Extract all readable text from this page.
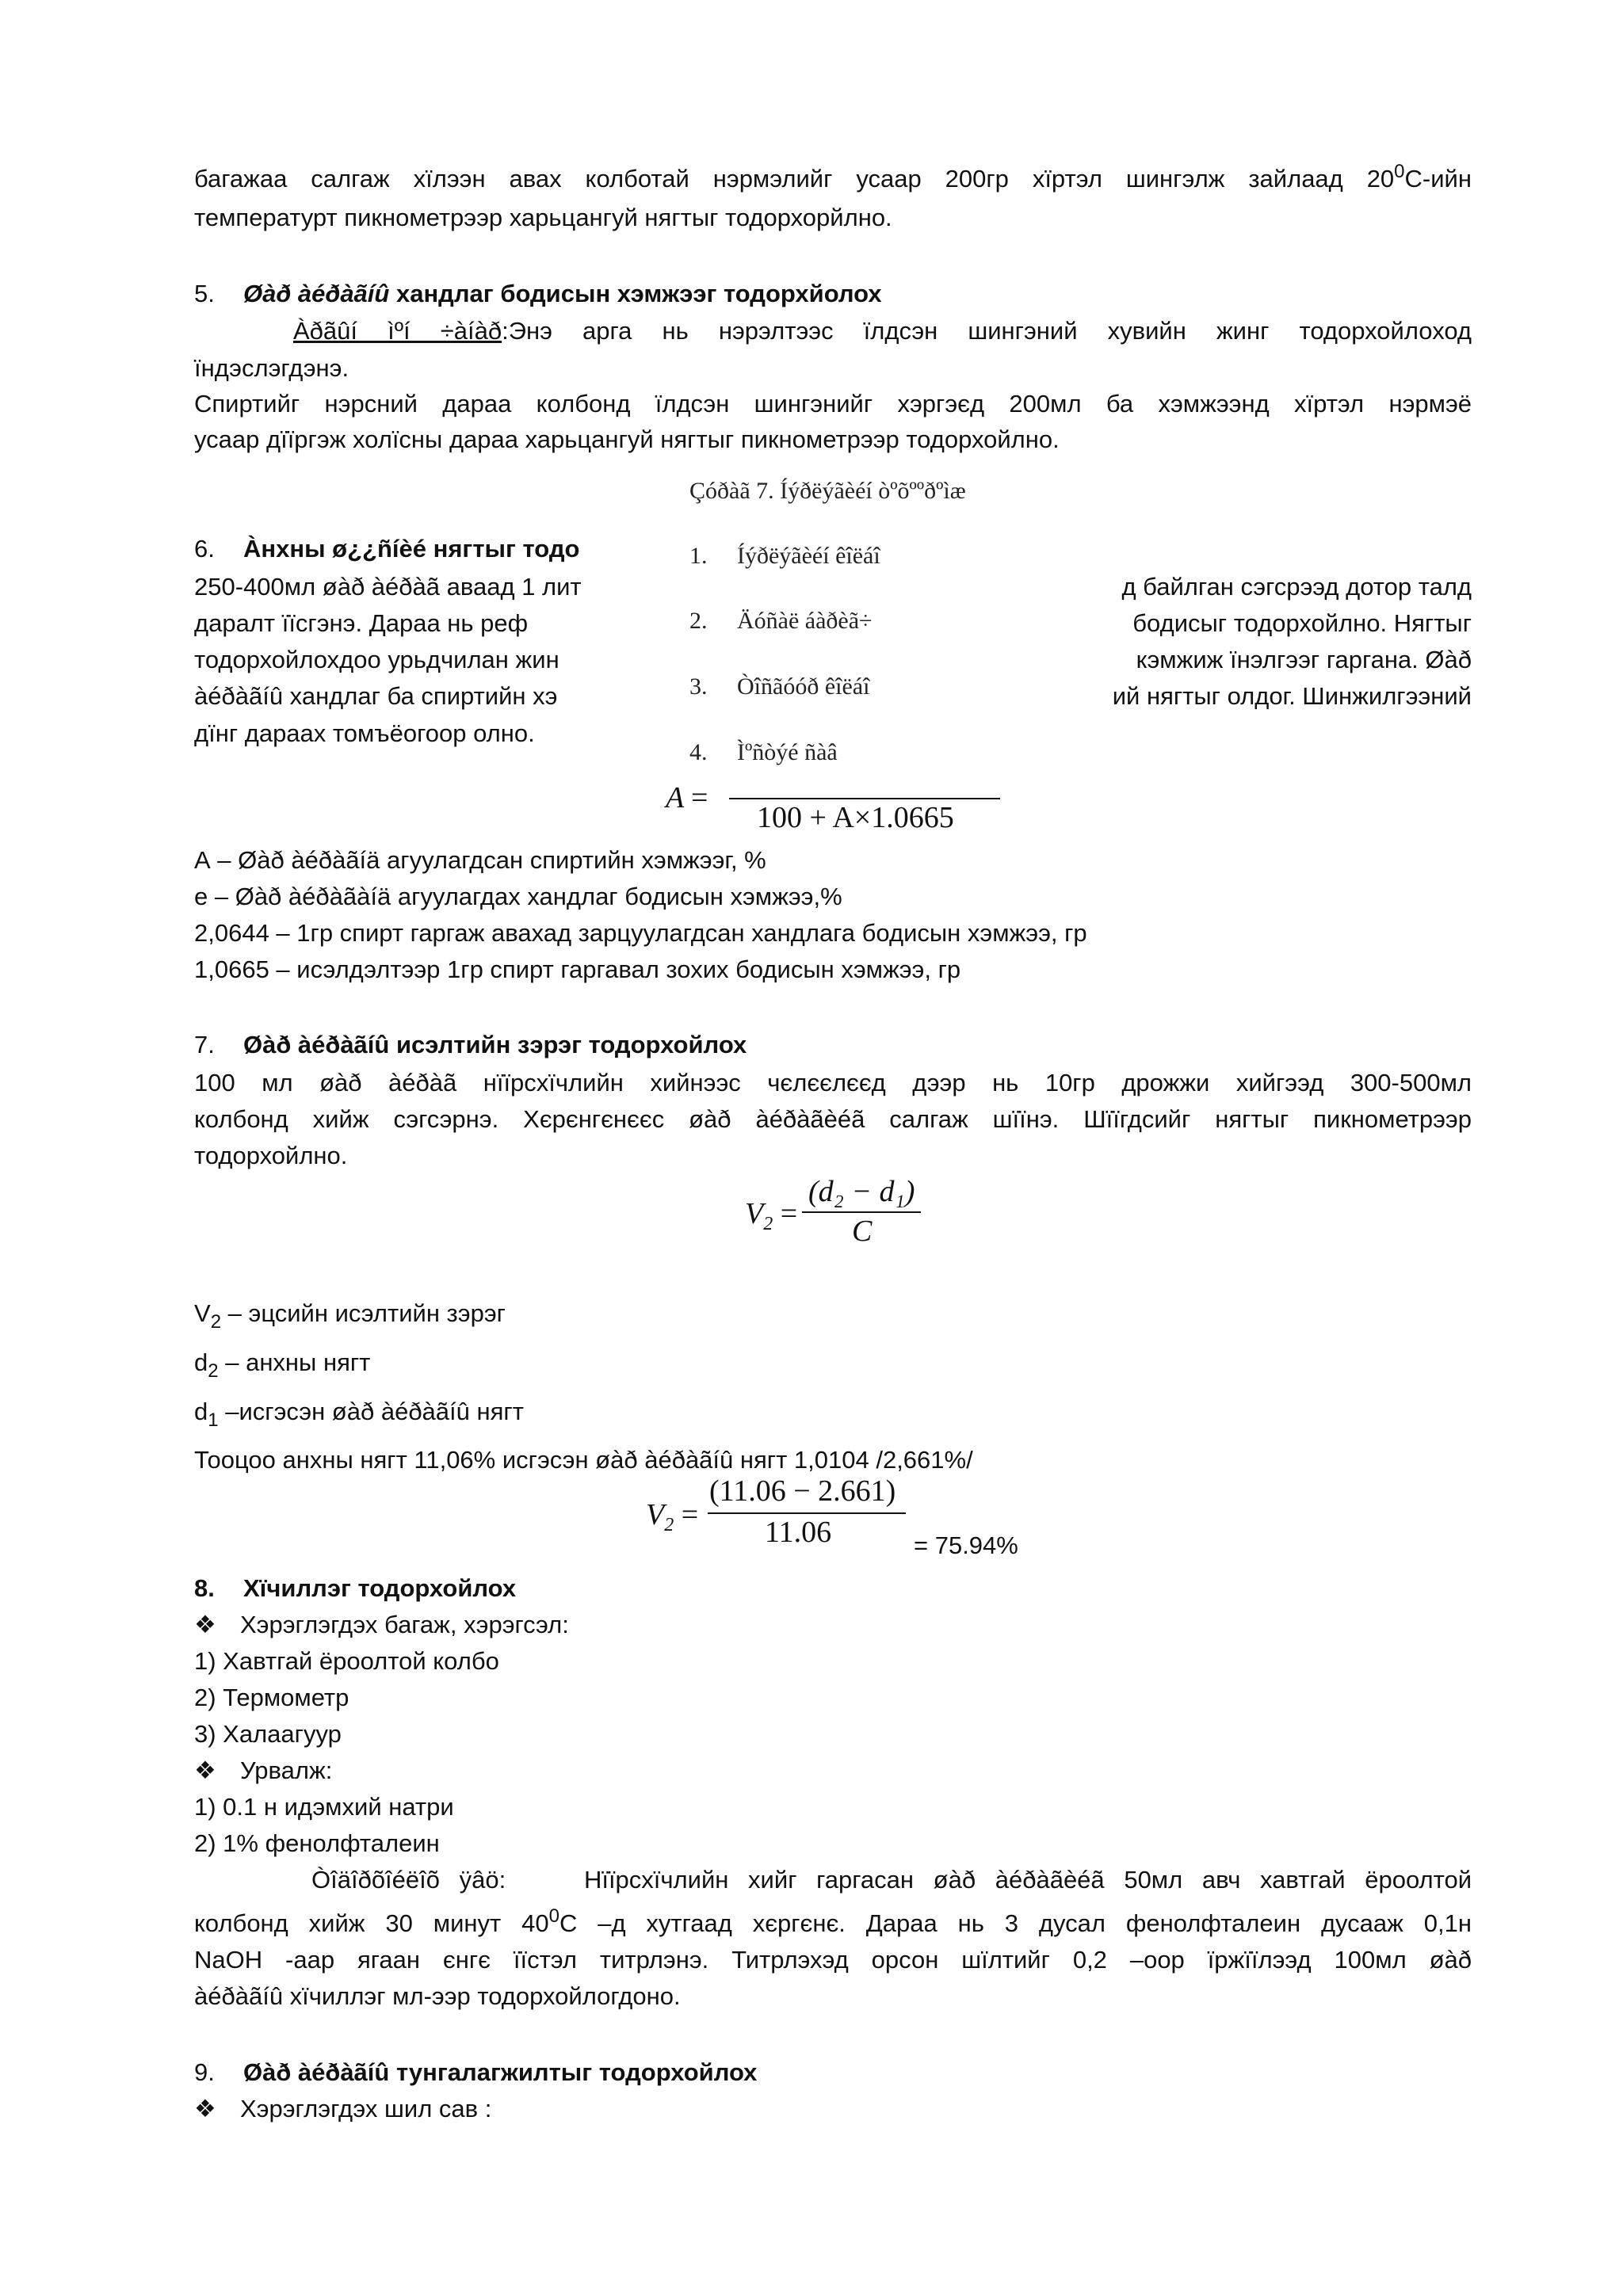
багажаа салгаж хїлээн авах колботай нэрмэлийг усаар 200гр хїртэл шингэлж зайлаад $20^0С$-ийн
температурт пикнометрээр харьцангуй нягтыг тодорхорйлно.
5. Øàð àéðàãíû хандлаг бодисын хэмжээг тодорхйолох
Àðãûí ìºí ÷àíàð:Энэ арга нь нэрэлтээс їлдсэн шингэний хувийн жинг тодорхойлоход
їндэслэгдэнэ.
Спиртийг нэрсний дараа колбонд їлдсэн шингэнийг хэргэєд 200мл ба хэмжээнд хїртэл нэрмэё
усаар дїїргэж холїсны дараа харьцангуй нягтыг пикнометрээр тодорхойлно.
6. Àнхны ø¿¿ñíèé нягтыг тодо
250-400мл øàð àéðàã аваад 1 лит	д байлган сэгсрээд дотор талд
даралт їїсгэнэ. Дараа нь реф	бодисыг тодорхойлно. Нягтыг
тодорхойлохдоо урьдчилан жин	кэмжиж їнэлгээг гаргана. Øàð
àéðàãíû хандлаг ба спиртийн хэ	ий нягтыг олдог. Шинжилгээний
дїнг дараах томъёогоор олно.
Çóðàã 7. Íýðëýãèéí òºõººðºìæ
1. Íýðëýãèéí êîëáî
2. Äóñàë áàðèã÷
3. Òîñãóóð êîëáî
4. Ìºñòýé ñàâ
A =
100 + A×1.0665
А – Øàð àéðàãíä агуулагдсан спиртийн хэмжээг, %
е – Øàð àéðàãàíä агуулагдах хандлаг бодисын хэмжээ,%
2,0644 – 1гр спирт гаргаж авахад зарцуулагдсан хандлага бодисын хэмжээ, гр
1,0665 – исэлдэлтээр 1гр спирт гаргавал зохих бодисын хэмжээ, гр
7. Øàð àéðàãíû исэлтийн зэрэг тодорхойлох
100 мл øàð àéðàã нїїрсхїчлийн хийнээс чєлєєлєєд дээр нь 10гр дрожжи хийгээд 300-500мл
колбонд хийж сэгсэрнэ. Хєрєнгєнєєс øàð àéðàãèéã салгаж шїїнэ. Шїїгдсийг нягтыг пикнометрээр
тодорхойлно.
$V_2$ =
(d₂ − d₁)
C
$V_2$ – эцсийн исэлтийн зэрэг
$d_2$ – анхны нягт
$d_1$ –исгэсэн øàð àéðàãíû нягт
Тооцоо анхны нягт 11,06% исгэсэн øàð àéðàãíû нягт 1,0104 /2,661%/
$V_2$ =
(11.06 − 2.661)
11.06	= 75.94%
8. Хїчиллэг тодорхойлох
❖ Хэрэглэгдэх багаж, хэрэгсэл:
1) Хавтгай ёроолтой колбо
2) Термометр
3) Халаагуур
❖ Урвалж:
1) 0.1 н идэмхий натри
2) 1% фенолфталеин
Òîäîðõîéëîõ ÿâö:	Нїїрсхїчлийн хийг гаргасан øàð àéðàãèéã 50мл авч хавтгай ёроолтой
колбонд хийж 30 минут $40^0С$ –д хутгаад хєргєнє. Дараа нь 3 дусал фенолфталеин дусааж 0,1н
NaOH -аар ягаан єнгє їїстэл титрлэнэ. Титрлэхэд орсон шїлтийг 0,2 –оор їржїїлээд 100мл øàð
àéðàãíû хїчиллэг мл-ээр тодорхойлогдоно.
9. Øàð àéðàãíû тунгалагжилтыг тодорхойлох
❖ Хэрэглэгдэх шил сав :
